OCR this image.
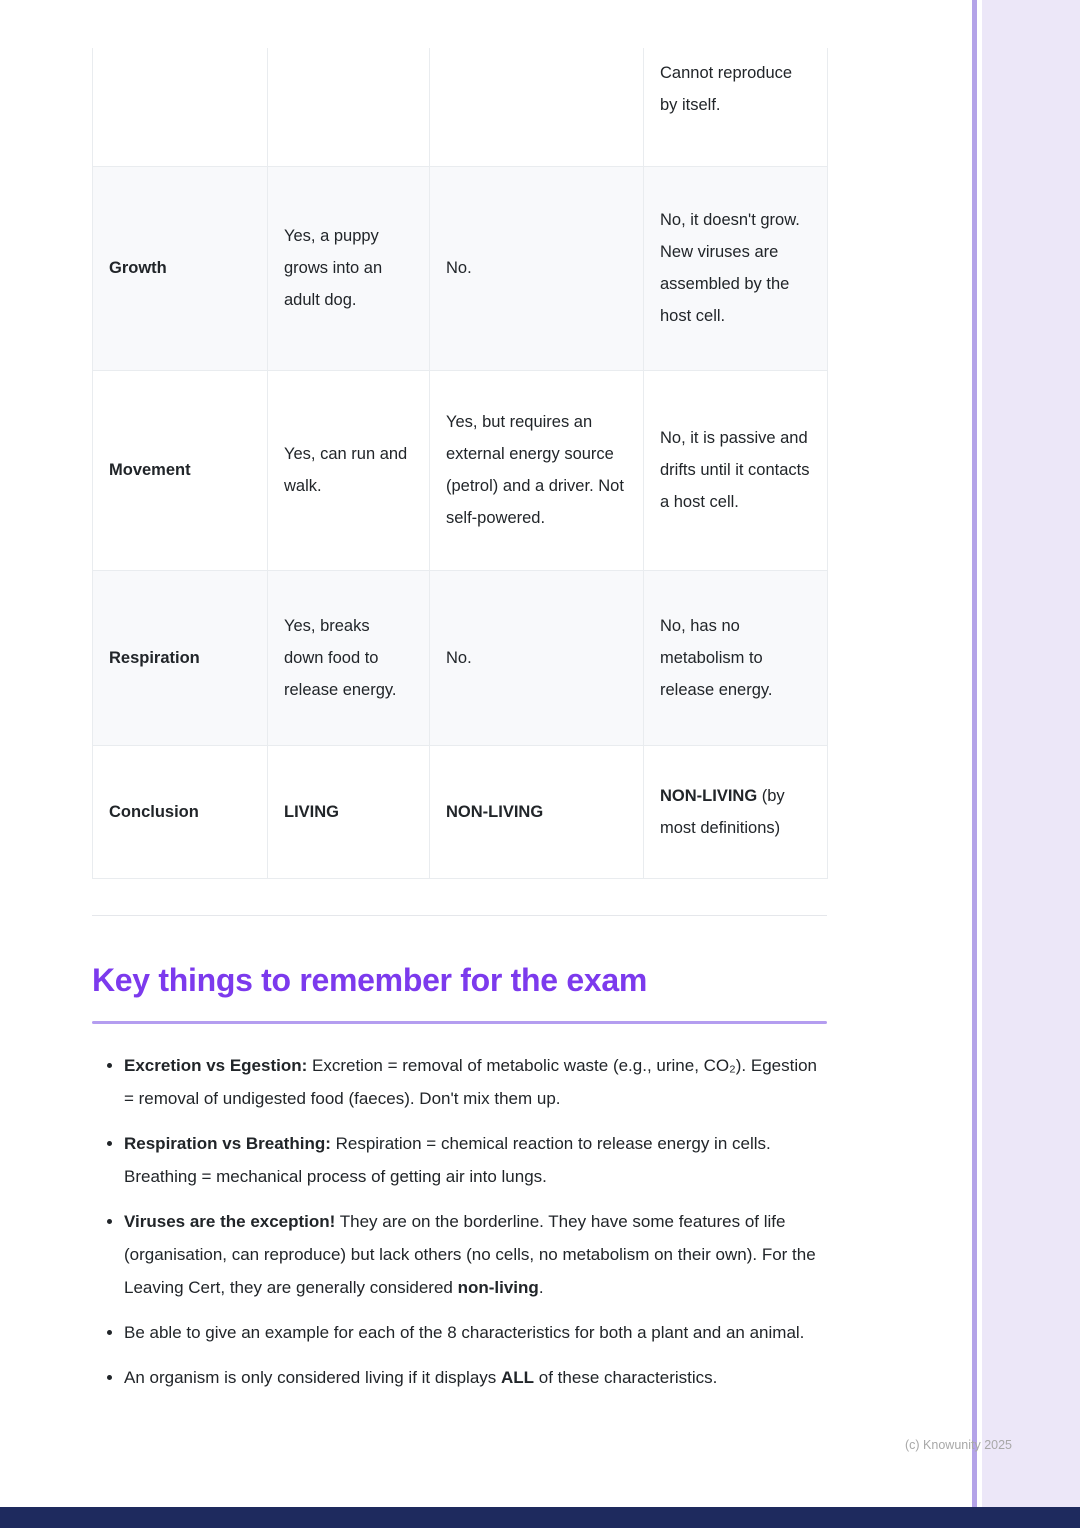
			Cannot reproduce by itself.
Growth	Yes, a puppy grows into an adult dog.	No.	No, it doesn't grow. New viruses are assembled by the host cell.
Movement	Yes, can run and walk.	Yes, but requires an external energy source (petrol) and a driver. Not self-powered.	No, it is passive and drifts until it contacts a host cell.
Respiration	Yes, breaks down food to release energy.	No.	No, has no metabolism to release energy.
Conclusion	LIVING	NON-LIVING	NON-LIVING (by most definitions)
Key things to remember for the exam
• Excretion vs Egestion: Excretion = removal of metabolic waste (e.g., urine, CO₂). Egestion = removal of undigested food (faeces). Don't mix them up.
• Respiration vs Breathing: Respiration = chemical reaction to release energy in cells. Breathing = mechanical process of getting air into lungs.
• Viruses are the exception! They are on the borderline. They have some features of life (organisation, can reproduce) but lack others (no cells, no metabolism on their own). For the Leaving Cert, they are generally considered non-living.
• Be able to give an example for each of the 8 characteristics for both a plant and an animal.
• An organism is only considered living if it displays ALL of these characteristics.
(c) Knowunity 2025
